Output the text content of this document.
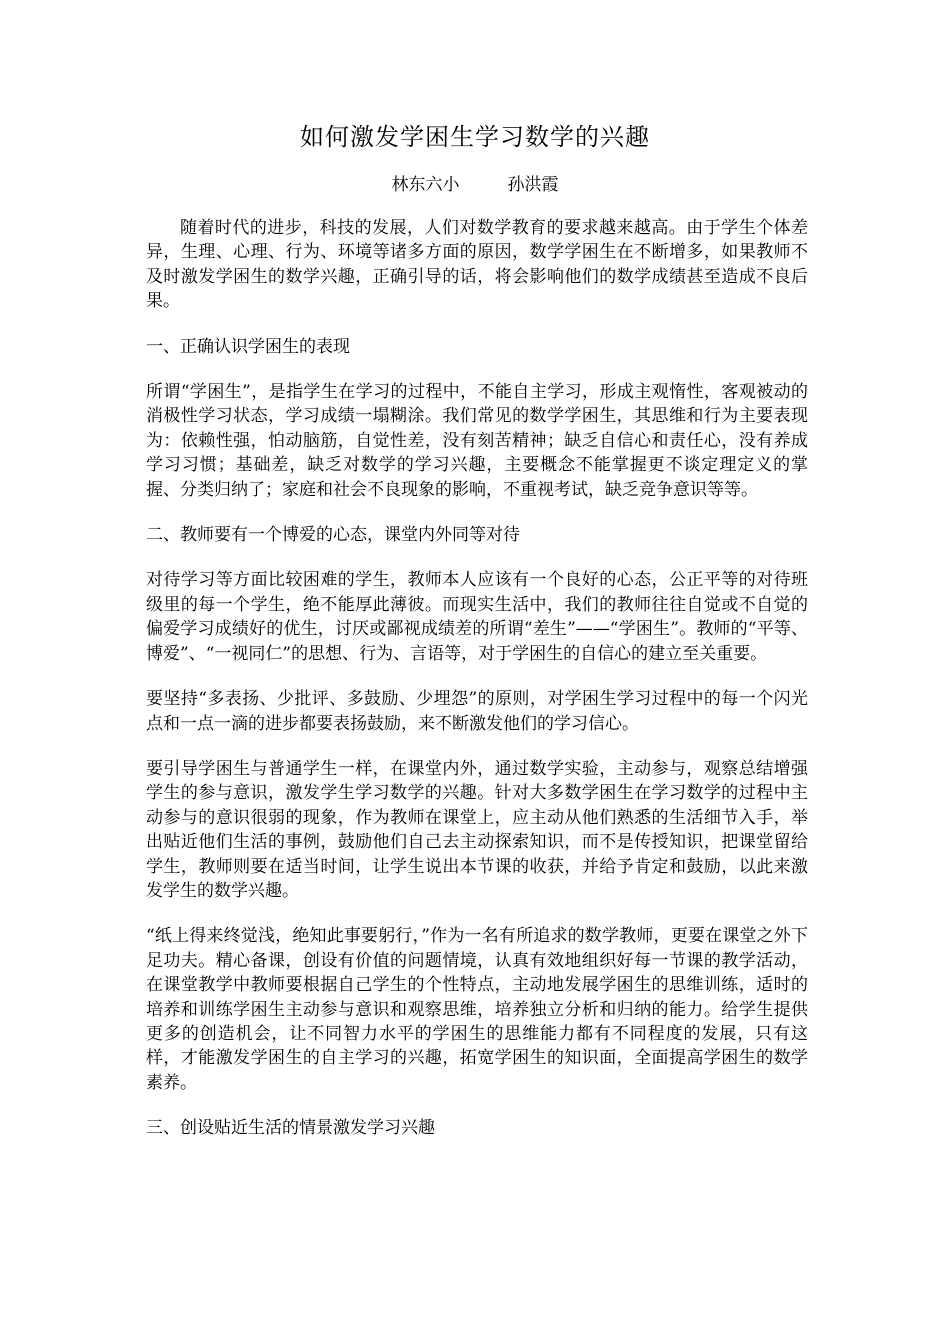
如何激发学困生学习数学的兴趣
林东六小	孙洪霞

随着时代的进步，科技的发展，人们对数学教育的要求越来越高。由于学生个体差异，生理、心理、行为、环境等诸多方面的原因，数学学困生在不断增多，如果教师不及时激发学困生的数学兴趣，正确引导的话，将会影响他们的数学成绩甚至造成不良后果。

一、正确认识学困生的表现

所谓“学困生”，是指学生在学习的过程中，不能自主学习，形成主观惰性，客观被动的消极性学习状态，学习成绩一塌糊涂。我们常见的数学学困生，其思维和行为主要表现为：依赖性强，怕动脑筋，自觉性差，没有刻苦精神；缺乏自信心和责任心，没有养成学习习惯；基础差，缺乏对数学的学习兴趣，主要概念不能掌握更不谈定理定义的掌握、分类归纳了；家庭和社会不良现象的影响，不重视考试，缺乏竞争意识等等。

二、教师要有一个博爱的心态，课堂内外同等对待

对待学习等方面比较困难的学生，教师本人应该有一个良好的心态，公正平等的对待班级里的每一个学生，绝不能厚此薄彼。而现实生活中，我们的教师往往自觉或不自觉的偏爱学习成绩好的优生，讨厌或鄙视成绩差的所谓“差生”——“学困生”。教师的“平等、博爱”、“一视同仁”的思想、行为、言语等，对于学困生的自信心的建立至关重要。

要坚持“多表扬、少批评、多鼓励、少埋怨”的原则，对学困生学习过程中的每一个闪光点和一点一滴的进步都要表扬鼓励，来不断激发他们的学习信心。

要引导学困生与普通学生一样，在课堂内外，通过数学实验，主动参与，观察总结增强学生的参与意识，激发学生学习数学的兴趣。针对大多数学困生在学习数学的过程中主动参与的意识很弱的现象，作为教师在课堂上，应主动从他们熟悉的生活细节入手，举出贴近他们生活的事例，鼓励他们自己去主动探索知识，而不是传授知识，把课堂留给学生，教师则要在适当时间，让学生说出本节课的收获，并给予肯定和鼓励，以此来激发学生的数学兴趣。

“纸上得来终觉浅，绝知此事要躬行，”作为一名有所追求的数学教师，更要在课堂之外下足功夫。精心备课，创设有价值的问题情境，认真有效地组织好每一节课的教学活动，在课堂教学中教师要根据自己学生的个性特点，主动地发展学困生的思维训练，适时的培养和训练学困生主动参与意识和观察思维，培养独立分析和归纳的能力。给学生提供更多的创造机会，让不同智力水平的学困生的思维能力都有不同程度的发展，只有这样，才能激发学困生的自主学习的兴趣，拓宽学困生的知识面，全面提高学困生的数学素养。

三、创设贴近生活的情景激发学习兴趣
